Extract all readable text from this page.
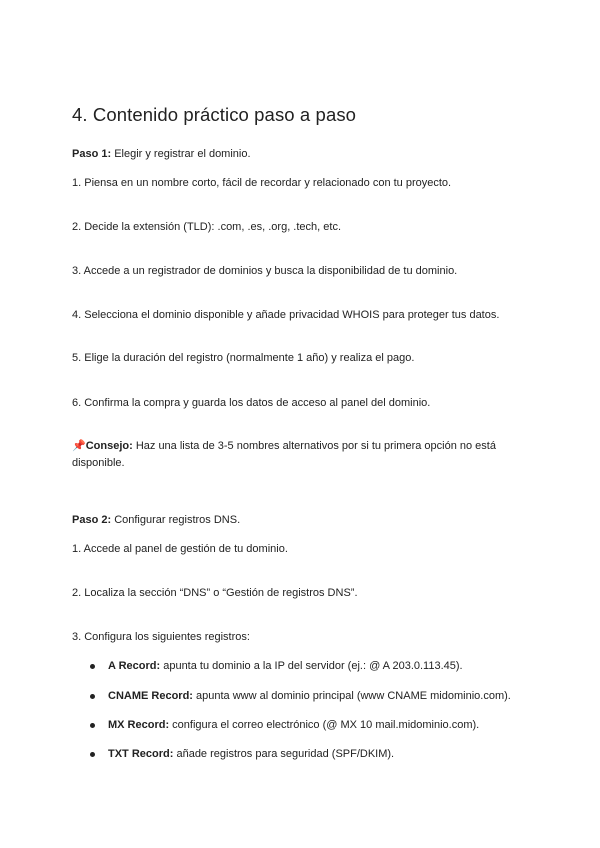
4. Contenido práctico paso a paso
Paso 1: Elegir y registrar el dominio.
1. Piensa en un nombre corto, fácil de recordar y relacionado con tu proyecto.
2. Decide la extensión (TLD): .com, .es, .org, .tech, etc.
3. Accede a un registrador de dominios y busca la disponibilidad de tu dominio.
4. Selecciona el dominio disponible y añade privacidad WHOIS para proteger tus datos.
5. Elige la duración del registro (normalmente 1 año) y realiza el pago.
6. Confirma la compra y guarda los datos de acceso al panel del dominio.
📌Consejo: Haz una lista de 3-5 nombres alternativos por si tu primera opción no está disponible.
Paso 2: Configurar registros DNS.
1. Accede al panel de gestión de tu dominio.
2. Localiza la sección “DNS” o “Gestión de registros DNS”.
3. Configura los siguientes registros:
A Record: apunta tu dominio a la IP del servidor (ej.: @ A 203.0.113.45).
CNAME Record: apunta www al dominio principal (www CNAME midominio.com).
MX Record: configura el correo electrónico (@ MX 10 mail.midominio.com).
TXT Record: añade registros para seguridad (SPF/DKIM).
